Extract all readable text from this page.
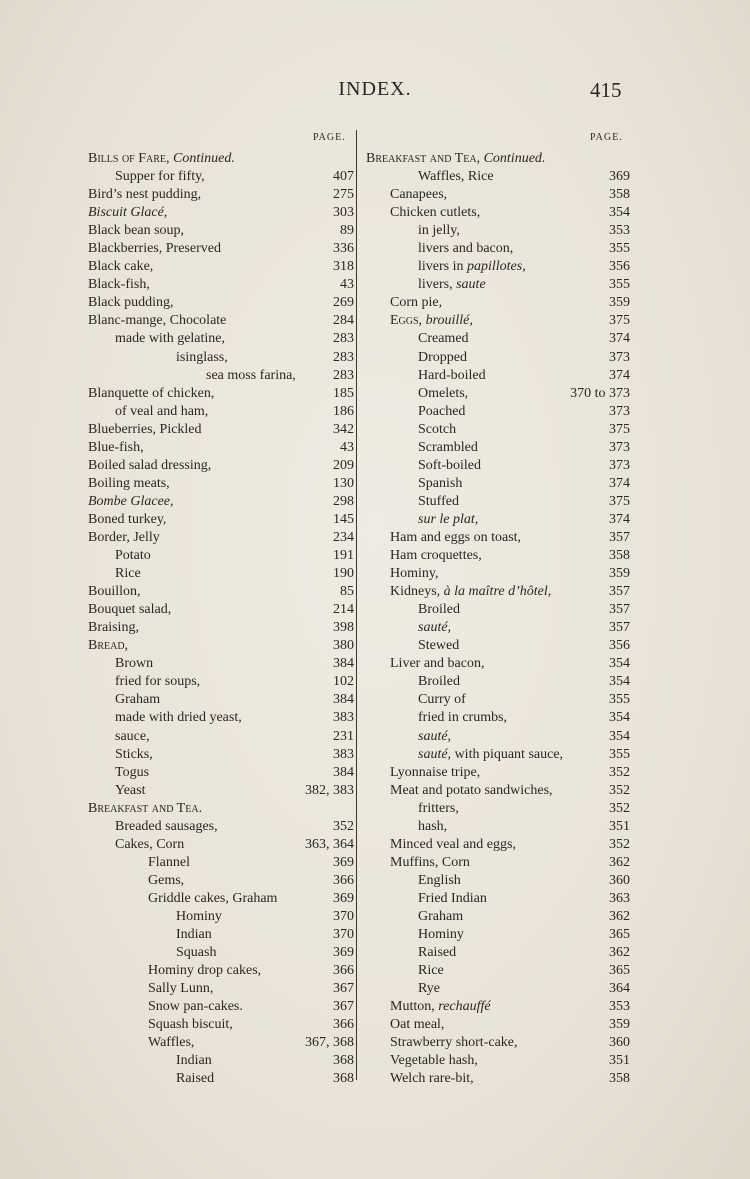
INDEX.	415
PAGE.	PAGE.
Bills of Fare, Continued.
Supper for fifty,	407
Bird’s nest pudding,	275
Biscuit Glacé,	303
Black bean soup,	89
Blackberries, Preserved	336
Black cake,	318
Black-fish,	43
Black pudding,	269
Blanc-mange, Chocolate	284
made with gelatine,	283
isinglass,	283
sea moss farina,	283
Blanquette of chicken,	185
of veal and ham,	186
Blueberries, Pickled	342
Blue-fish,	43
Boiled salad dressing,	209
Boiling meats,	130
Bombe Glacee,	298
Boned turkey,	145
Border, Jelly	234
Potato	191
Rice	190
Bouillon,	85
Bouquet salad,	214
Braising,	398
Bread,	380
Brown	384
fried for soups,	102
Graham	384
made with dried yeast,	383
sauce,	231
Sticks,	383
Togus	384
Yeast	382, 383
Breakfast and Tea.
Breaded sausages,	352
Cakes, Corn	363, 364
Flannel	369
Gems,	366
Griddle cakes, Graham	369
Hominy	370
Indian	370
Squash	369
Hominy drop cakes,	366
Sally Lunn,	367
Snow pan-cakes.	367
Squash biscuit,	366
Waffles,	367, 368
Indian	368
Raised	368
Breakfast and Tea, Continued.
Waffles, Rice	369
Canapees,	358
Chicken cutlets,	354
in jelly,	353
livers and bacon,	355
livers in papillotes,	356
livers, saute	355
Corn pie,	359
Eggs, brouillé,	375
Creamed	374
Dropped	373
Hard-boiled	374
Omelets,	370 to 373
Poached	373
Scotch	375
Scrambled	373
Soft-boiled	373
Spanish	374
Stuffed	375
sur le plat,	374
Ham and eggs on toast,	357
Ham croquettes,	358
Hominy,	359
Kidneys, à la maître d’hôtel,	357
Broiled	357
sauté,	357
Stewed	356
Liver and bacon,	354
Broiled	354
Curry of	355
fried in crumbs,	354
sauté,	354
sauté, with piquant sauce,	355
Lyonnaise tripe,	352
Meat and potato sandwiches,	352
fritters,	352
hash,	351
Minced veal and eggs,	352
Muffins, Corn	362
English	360
Fried Indian	363
Graham	362
Hominy	365
Raised	362
Rice	365
Rye	364
Mutton, rechauffé	353
Oat meal,	359
Strawberry short-cake,	360
Vegetable hash,	351
Welch rare-bit,	358
